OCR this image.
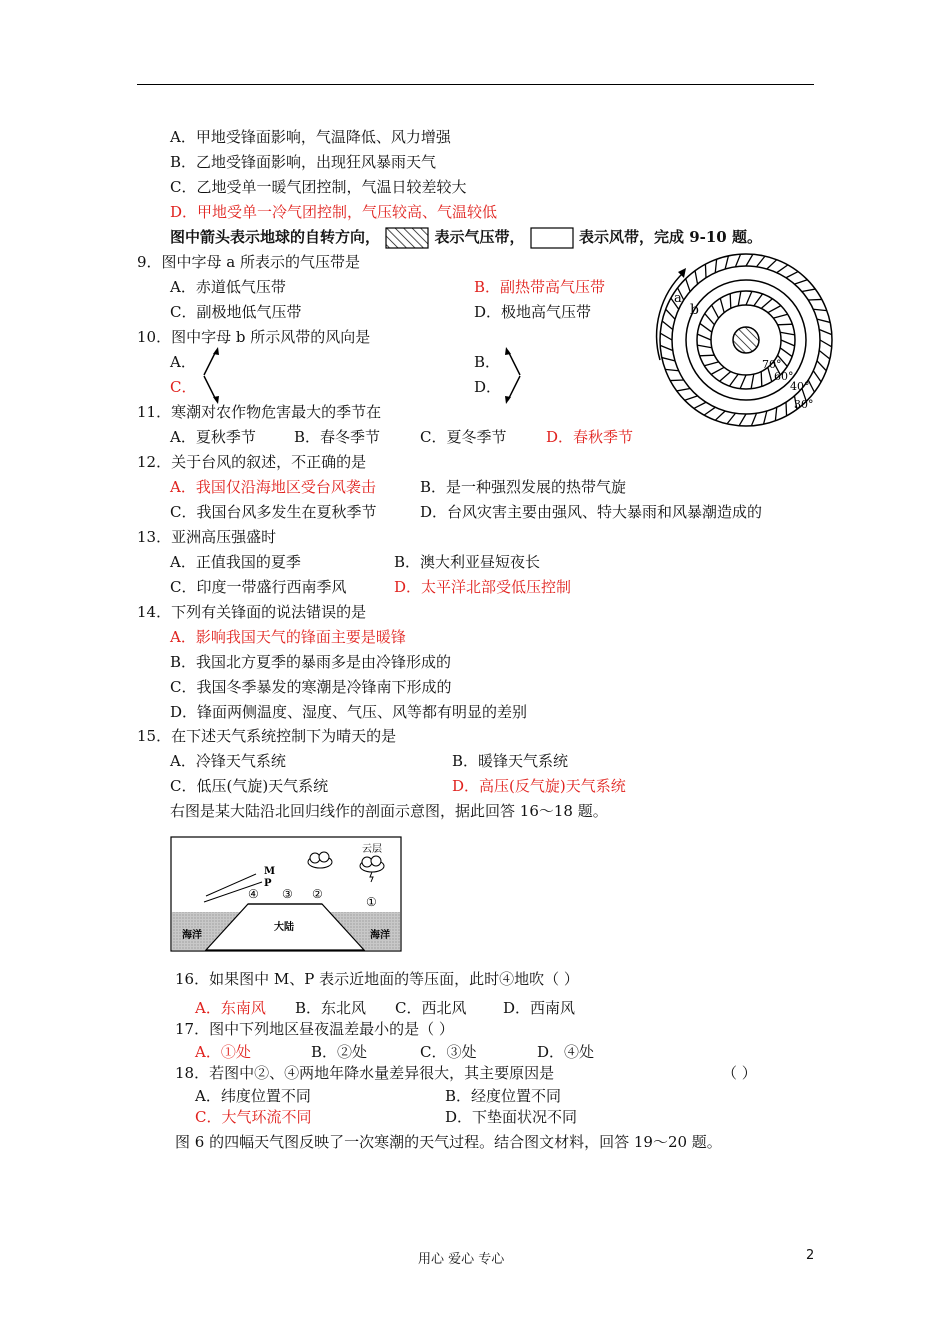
A．甲地受锋面影响，气温降低、风力增强
B．乙地受锋面影响，出现狂风暴雨天气
C．乙地受单一暖气团控制，气温日较差较大
D．甲地受单一冷气团控制，气压较高、气温较低
图中箭头表示地球的自转方向，	表示气压带，	表示风带，完成 9-10 题。
9．图中字母 a 所表示的气压带是
A．赤道低气压带	B．副热带高气压带
C．副极地低气压带	D．极地高气压带
10．图中字母 b 所示风带的风向是
A．	B．
C．	D．
a
b
70°
60°
40°
30°
11．寒潮对农作物危害最大的季节在
A．夏秋季节	B．春冬季节	C．夏冬季节	D．春秋季节
12．关于台风的叙述，不正确的是
A．我国仅沿海地区受台风袭击	B．是一种强烈发展的热带气旋
C．我国台风多发生在夏秋季节	D．台风灾害主要由强风、特大暴雨和风暴潮造成的
13．亚洲高压强盛时
A．正值我国的夏季	B．澳大利亚昼短夜长
C．印度一带盛行西南季风	D．太平洋北部受低压控制
14．下列有关锋面的说法错误的是
A．影响我国天气的锋面主要是暖锋
B．我国北方夏季的暴雨多是由冷锋形成的
C．我国冬季暴发的寒潮是冷锋南下形成的
D．锋面两侧温度、湿度、气压、风等都有明显的差别
15．在下述天气系统控制下为晴天的是
A．冷锋天气系统	B．暖锋天气系统
C．低压(气旋)天气系统	D．高压(反气旋)天气系统
右图是某大陆沿北回归线作的剖面示意图，据此回答 16～18 题。
M
P
云层
④ ③ ②
①
海洋
大陆
海洋
16．如果图中 M、P 表示近地面的等压面，此时④地吹（ ）
A．东南风 B．东北风 C．西北风 D．西南风
17．图中下列地区昼夜温差最小的是（ ）
A．①处	B．②处	C．③处	D．④处
18．若图中②、④两地年降水量差异很大，其主要原因是	（ ）
A．纬度位置不同	B．经度位置不同
C．大气环流不同	D．下垫面状况不同
图 6 的四幅天气图反映了一次寒潮的天气过程。结合图文材料，回答 19～20 题。
用心 爱心 专心	2
